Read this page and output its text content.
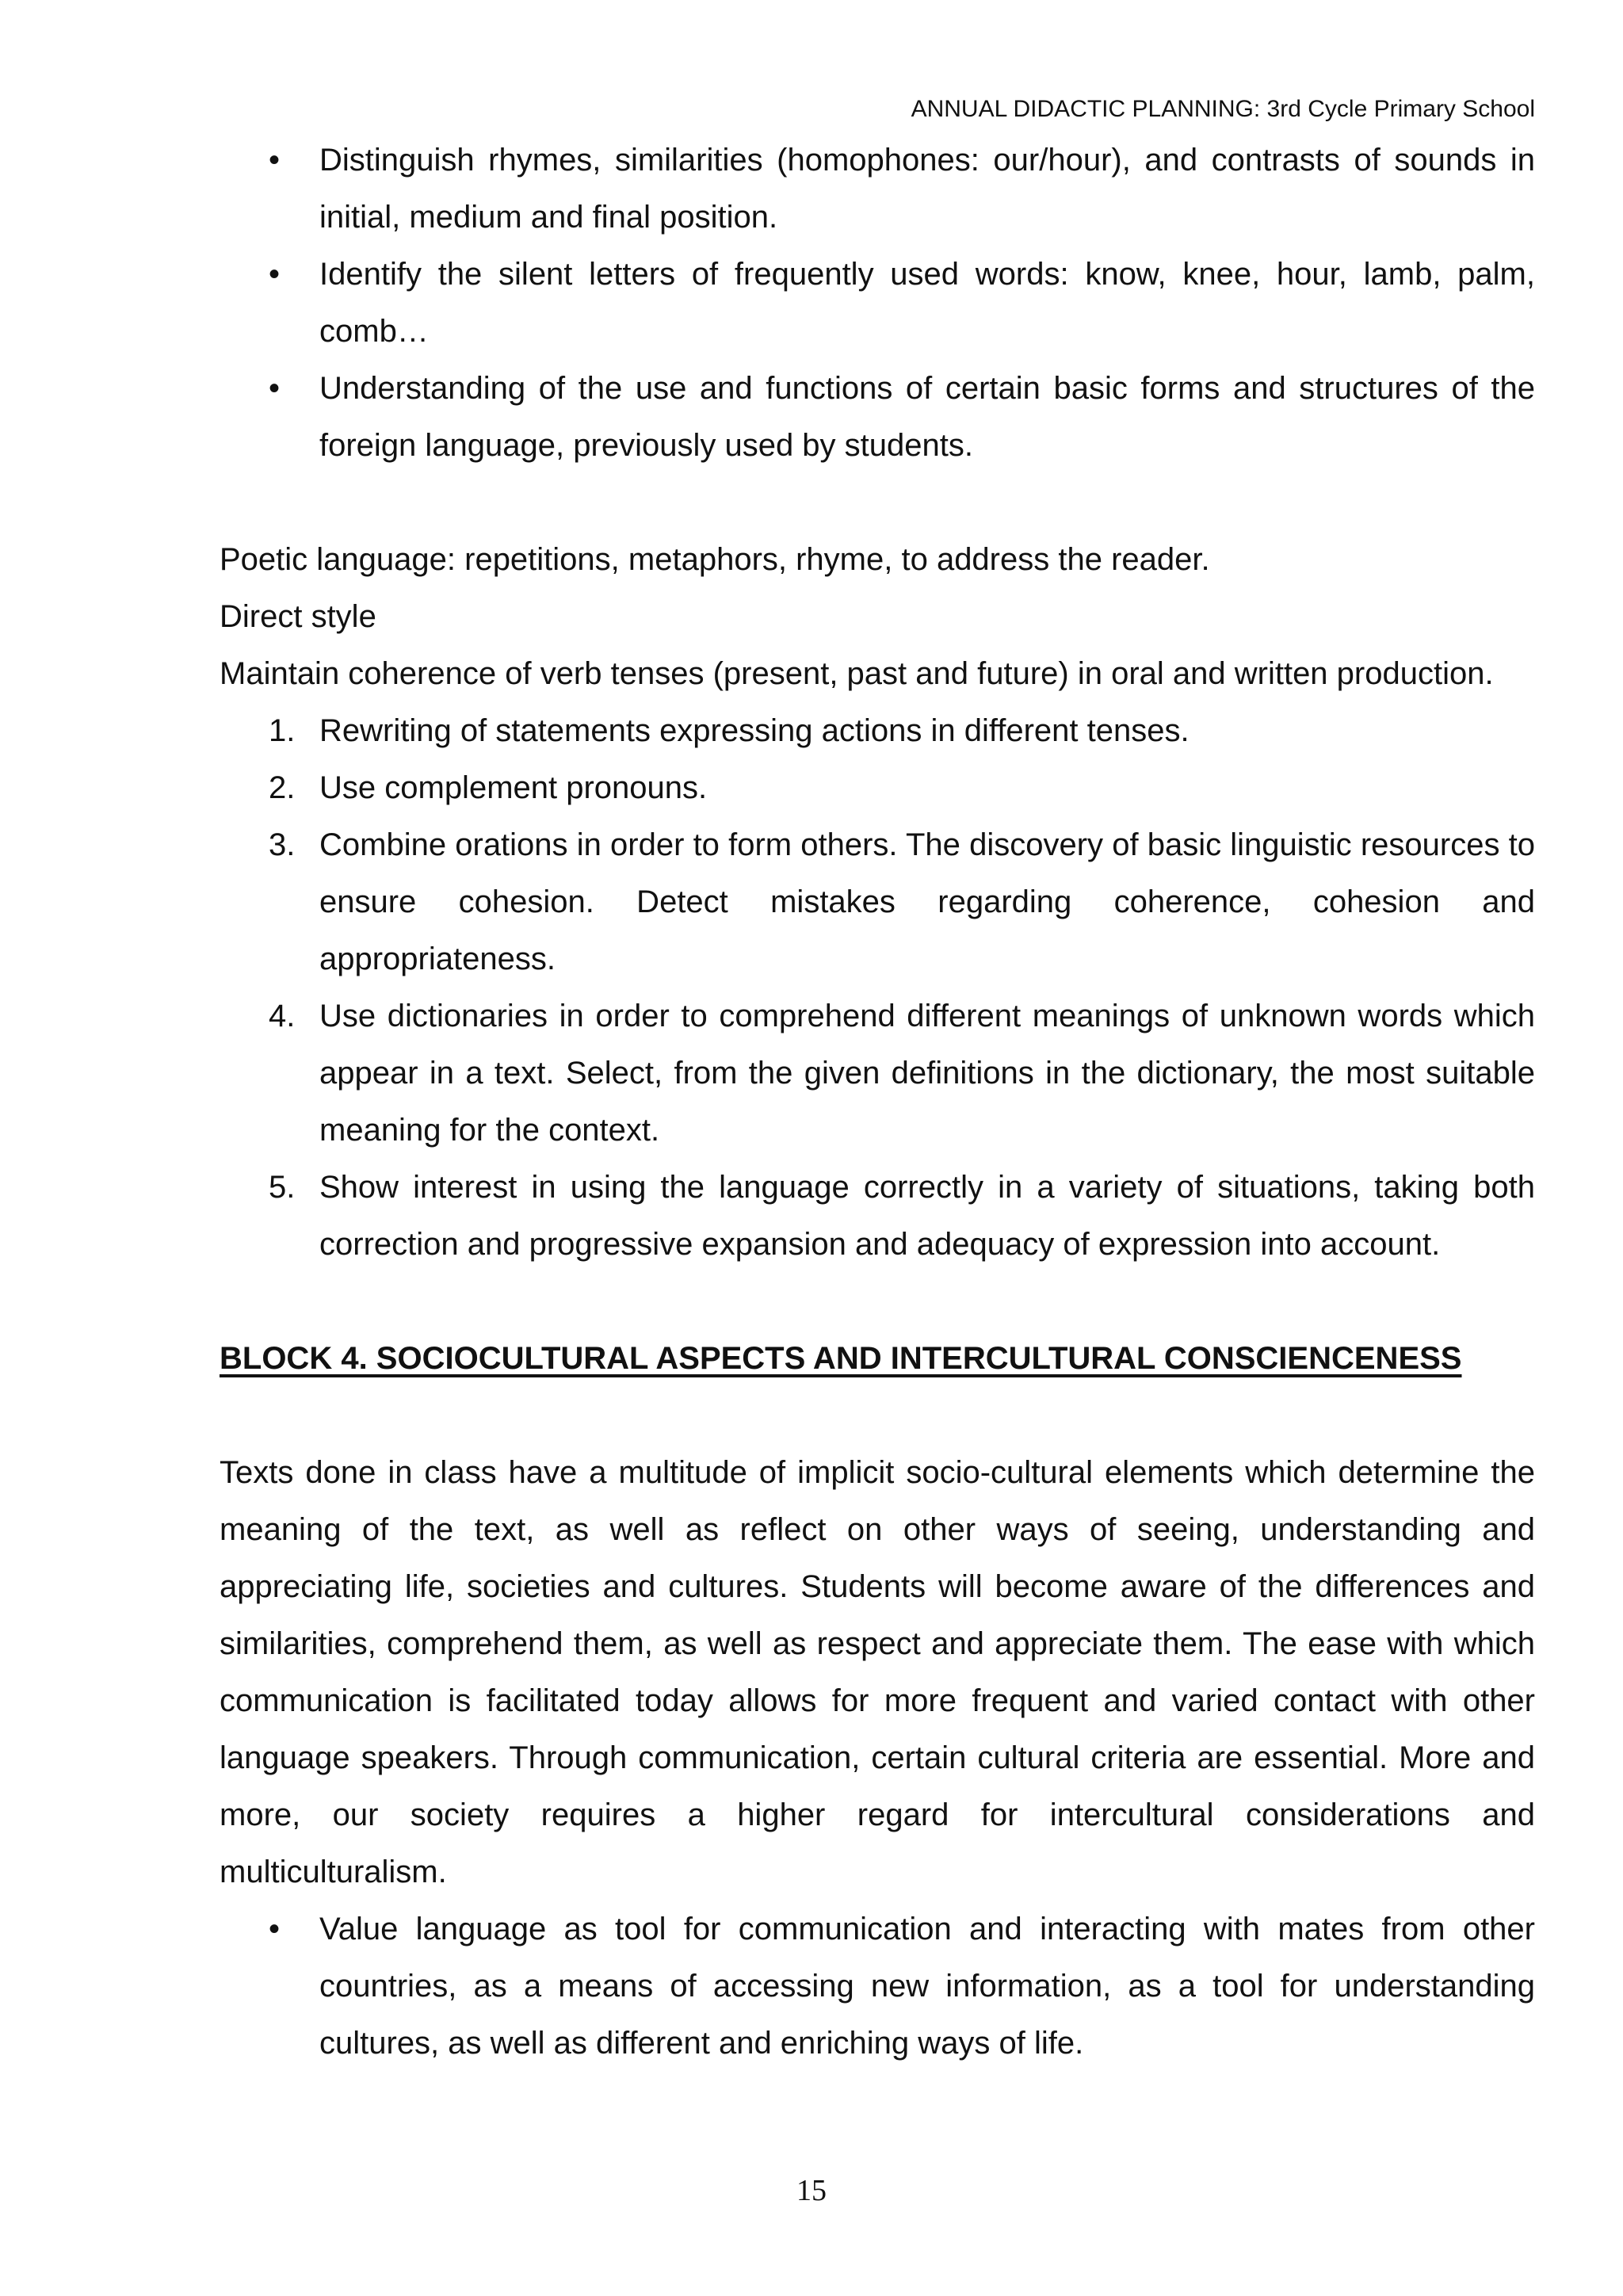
ANNUAL DIDACTIC PLANNING: 3rd Cycle Primary School
•	Distinguish rhymes, similarities (homophones: our/hour), and contrasts of sounds in initial, medium and final position.
•	Identify the silent letters of frequently used words: know, knee, hour, lamb, palm, comb…
•	Understanding of the use and functions of certain basic forms and structures of the foreign language, previously used by students.
Poetic language: repetitions, metaphors, rhyme, to address the reader.
Direct style
Maintain coherence of verb tenses (present, past and future) in oral and written production.
1. Rewriting of statements expressing actions in different tenses.
2. Use complement pronouns.
3. Combine orations in order to form others. The discovery of basic linguistic resources to ensure cohesion. Detect mistakes regarding coherence, cohesion and appropriateness.
4. Use dictionaries in order to comprehend different meanings of unknown words which appear in a text. Select, from the given definitions in the dictionary, the most suitable meaning for the context.
5. Show interest in using the language correctly in a variety of situations, taking both correction and progressive expansion and adequacy of expression into account.
BLOCK 4. SOCIOCULTURAL ASPECTS AND INTERCULTURAL CONSCIENCENESS
Texts done in class have a multitude of implicit socio-cultural elements which determine the meaning of the text, as well as reflect on other ways of seeing, understanding and appreciating life, societies and cultures. Students will become aware of the differences and similarities, comprehend them, as well as respect and appreciate them. The ease with which communication is facilitated today allows for more frequent and varied contact with other language speakers. Through communication, certain cultural criteria are essential. More and more, our society requires a higher regard for intercultural considerations and multiculturalism.
•	Value language as tool for communication and interacting with mates from other countries, as a means of accessing new information, as a tool for understanding cultures, as well as different and enriching ways of life.
15
